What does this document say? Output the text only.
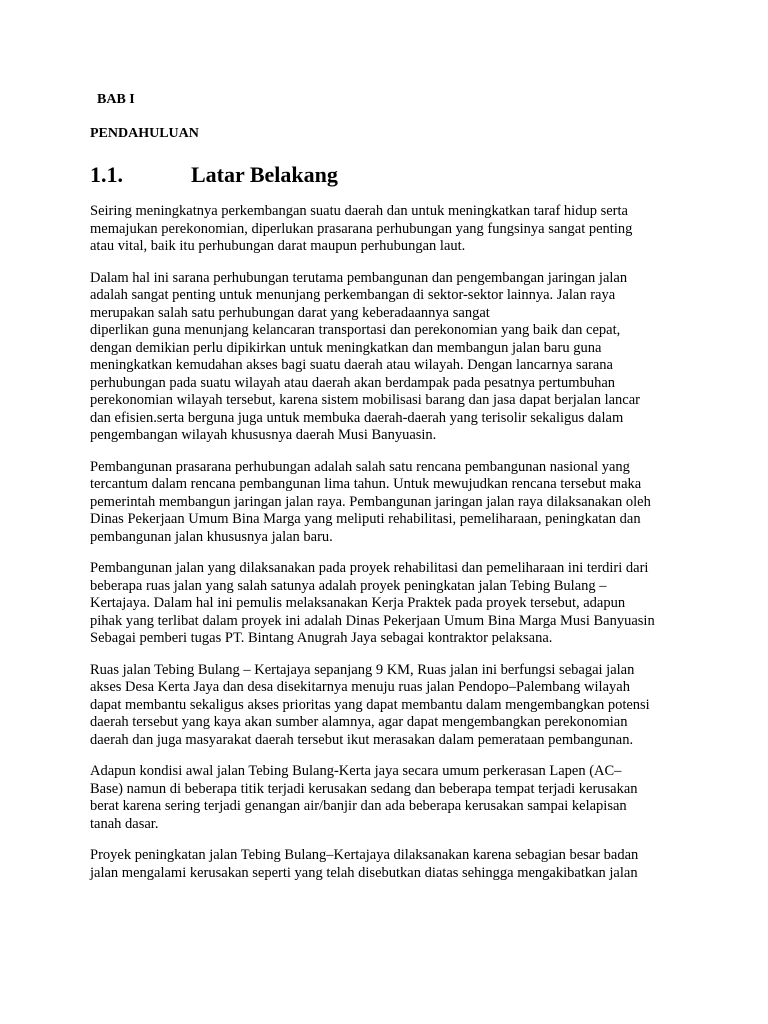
BAB I
PENDAHULUAN
1.1.	Latar Belakang
Seiring meningkatnya perkembangan suatu daerah dan untuk meningkatkan taraf hidup serta
memajukan perekonomian, diperlukan prasarana perhubungan yang fungsinya sangat penting
atau vital, baik itu perhubungan darat maupun perhubungan laut.
Dalam hal ini sarana perhubungan terutama pembangunan dan pengembangan jaringan jalan
adalah sangat penting untuk menunjang perkembangan di sektor-sektor lainnya. Jalan raya
merupakan salah satu perhubungan darat yang keberadaannya sangat
diperlikan guna menunjang kelancaran transportasi dan perekonomian yang baik dan cepat,
dengan demikian perlu dipikirkan untuk meningkatkan dan membangun jalan baru guna
meningkatkan kemudahan akses bagi suatu daerah atau wilayah. Dengan lancarnya sarana
perhubungan pada suatu wilayah atau daerah akan berdampak pada pesatnya pertumbuhan
perekonomian wilayah tersebut, karena sistem mobilisasi barang dan jasa dapat berjalan lancar
dan efisien.serta berguna juga untuk membuka daerah-daerah yang terisolir sekaligus dalam
pengembangan wilayah khususnya daerah Musi Banyuasin.
Pembangunan prasarana perhubungan adalah salah satu rencana pembangunan nasional yang
tercantum dalam rencana pembangunan lima tahun. Untuk mewujudkan rencana tersebut maka
pemerintah membangun jaringan jalan raya. Pembangunan jaringan jalan raya dilaksanakan oleh
Dinas Pekerjaan Umum Bina Marga yang meliputi rehabilitasi, pemeliharaan, peningkatan dan
pembangunan jalan khususnya jalan baru.
Pembangunan jalan yang dilaksanakan pada proyek rehabilitasi dan pemeliharaan ini terdiri dari
beberapa ruas jalan yang salah satunya adalah proyek peningkatan jalan Tebing Bulang –
Kertajaya. Dalam hal ini pemulis melaksanakan Kerja Praktek pada proyek tersebut, adapun
pihak yang terlibat dalam proyek ini adalah Dinas Pekerjaan Umum Bina Marga Musi Banyuasin
Sebagai pemberi tugas PT. Bintang Anugrah Jaya sebagai kontraktor pelaksana.
Ruas jalan Tebing Bulang – Kertajaya sepanjang 9 KM, Ruas jalan ini berfungsi sebagai jalan
akses Desa Kerta Jaya dan desa disekitarnya menuju ruas jalan Pendopo–Palembang wilayah
dapat membantu sekaligus akses prioritas yang dapat membantu dalam mengembangkan potensi
daerah tersebut yang kaya akan sumber alamnya, agar dapat mengembangkan perekonomian
daerah dan juga masyarakat daerah tersebut ikut merasakan dalam pemerataan pembangunan.
Adapun kondisi awal jalan Tebing Bulang-Kerta jaya secara umum perkerasan Lapen (AC–
Base) namun di beberapa titik terjadi kerusakan sedang dan beberapa tempat terjadi kerusakan
berat karena sering terjadi genangan air/banjir dan ada beberapa kerusakan sampai kelapisan
tanah dasar.
Proyek peningkatan jalan Tebing Bulang–Kertajaya dilaksanakan karena sebagian besar badan
jalan mengalami kerusakan seperti yang telah disebutkan diatas sehingga mengakibatkan jalan
